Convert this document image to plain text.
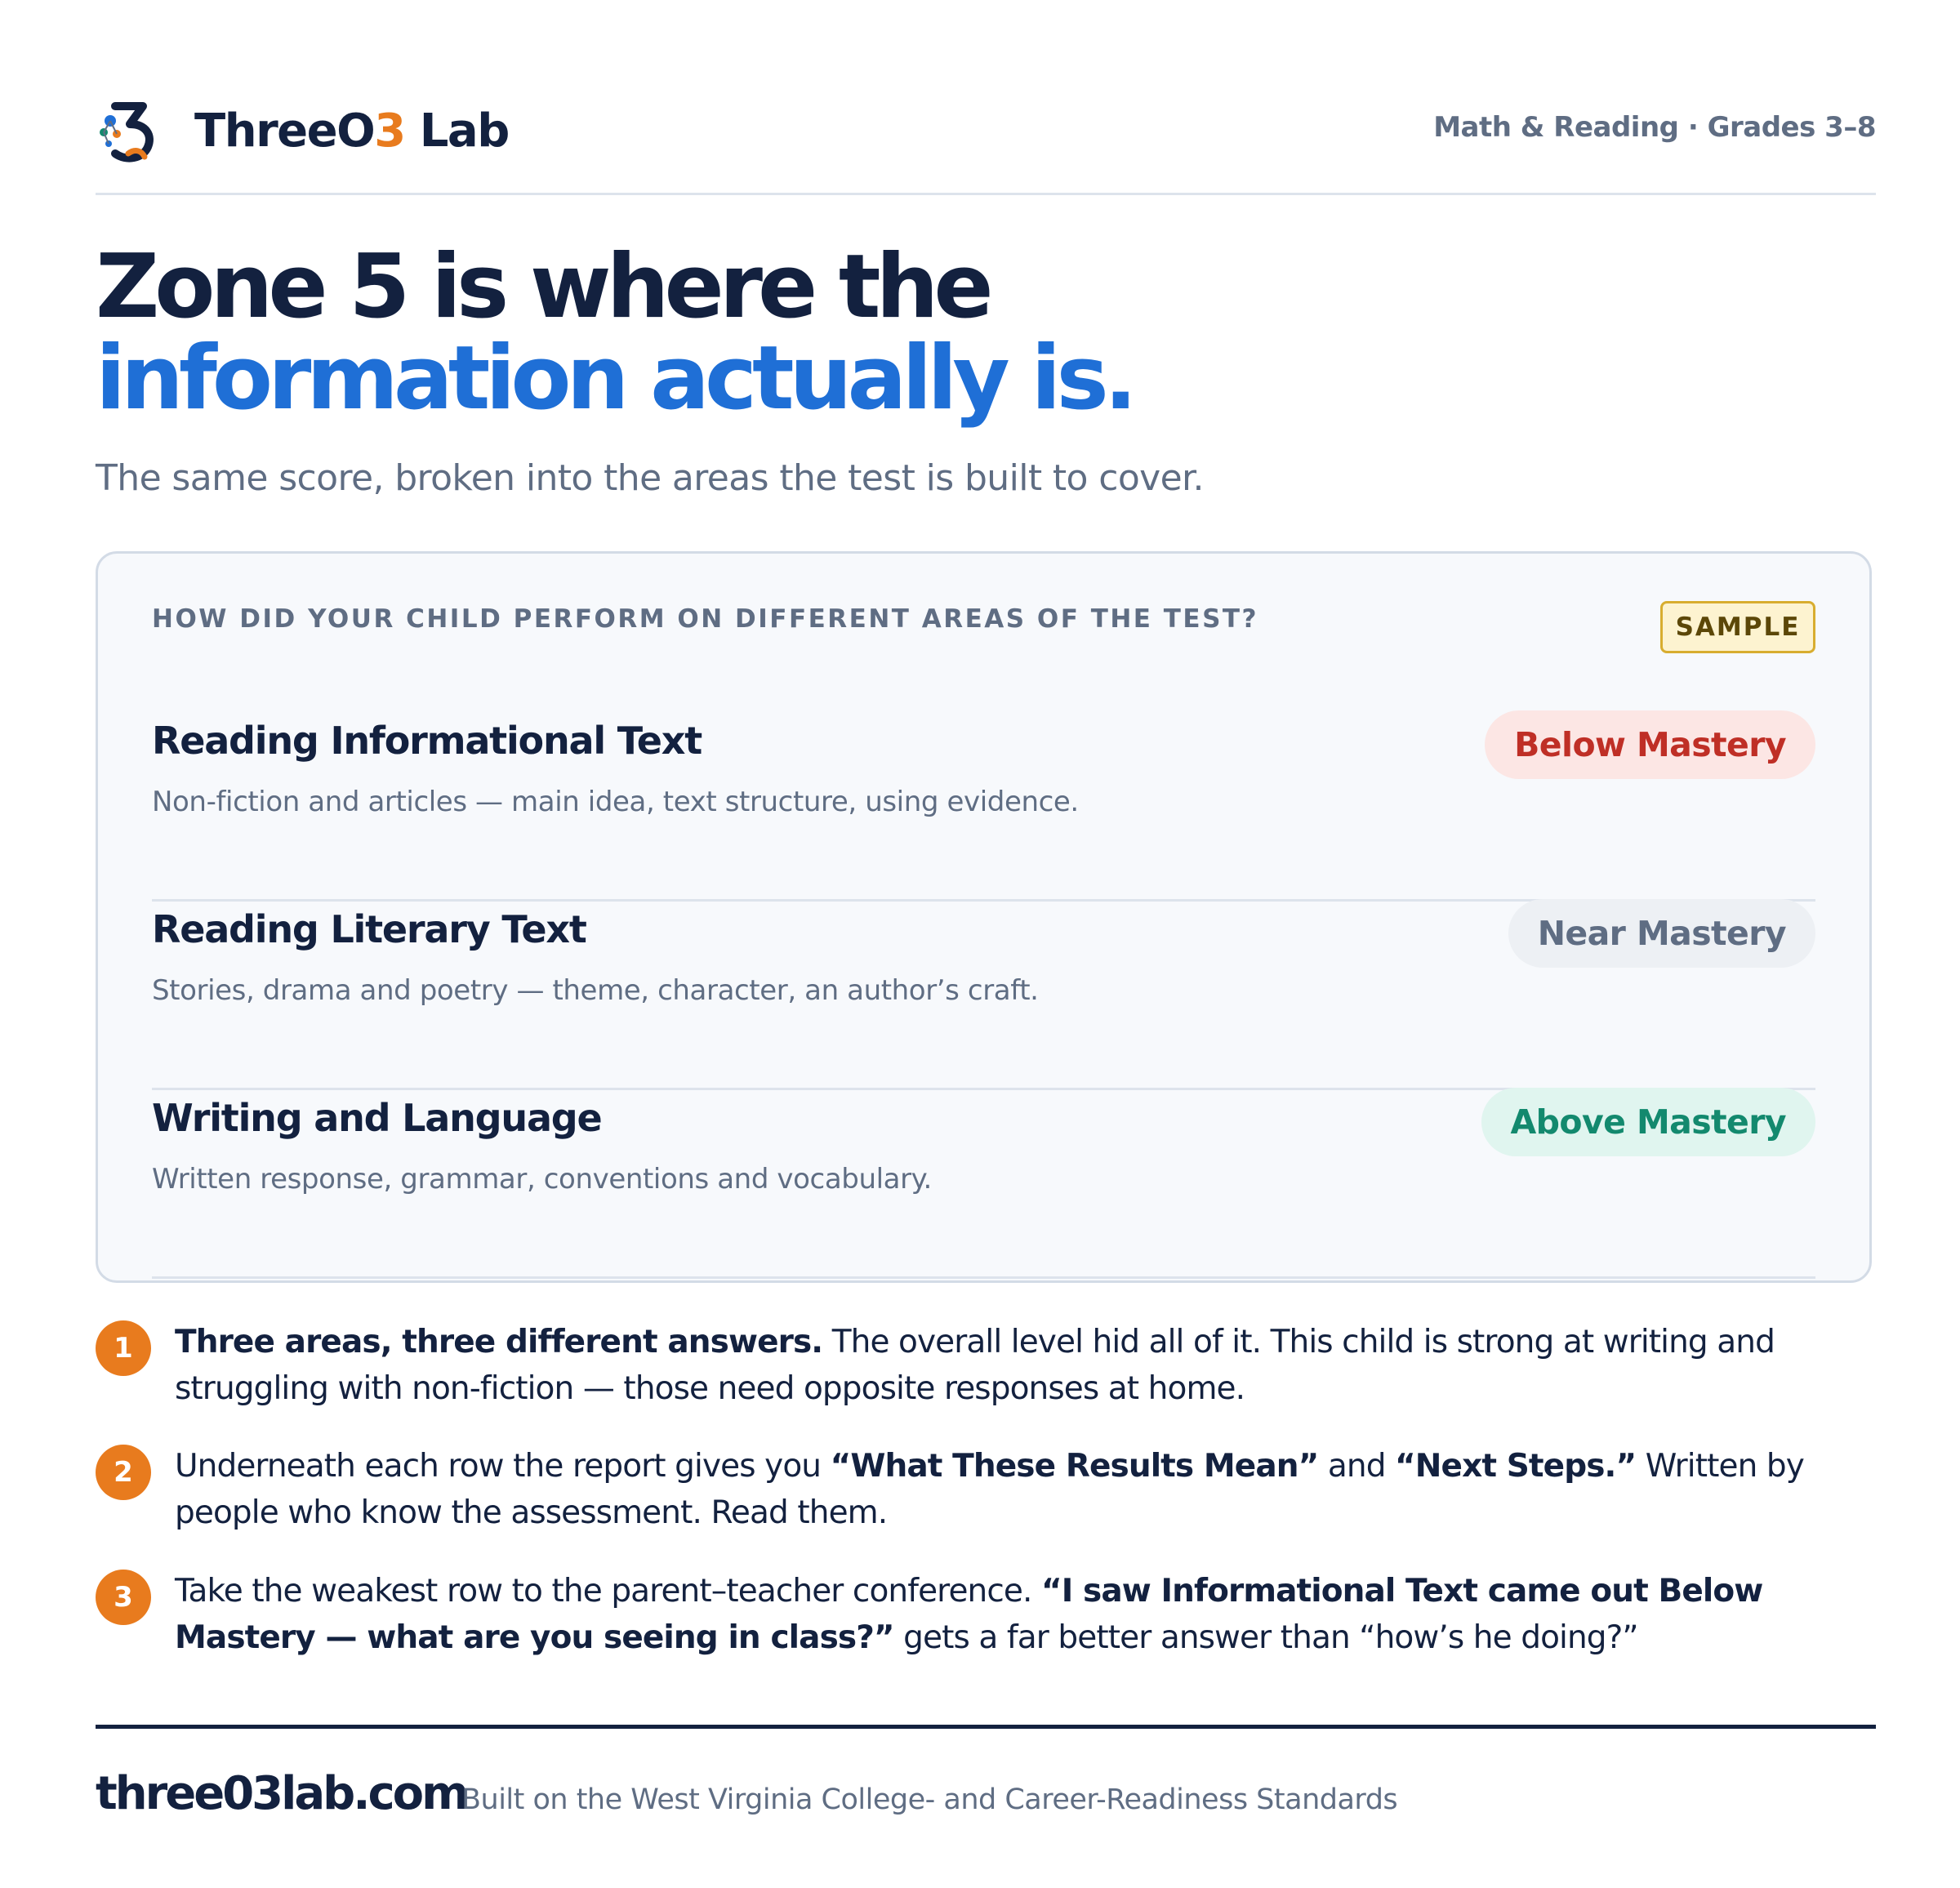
ThreeO3 Lab	Math & Reading · Grades 3–8
Zone 5 is where the
information actually is.
The same score, broken into the areas the test is built to cover.
HOW DID YOUR CHILD PERFORM ON DIFFERENT AREAS OF THE TEST?	SAMPLE
Reading Informational Text
Non-fiction and articles — main idea, text structure, using evidence.
Below Mastery
Reading Literary Text
Stories, drama and poetry — theme, character, an author’s craft.
Near Mastery
Writing and Language
Written response, grammar, conventions and vocabulary.
Above Mastery
1	Three areas, three different answers. The overall level hid all of it. This child is strong at writing and struggling with non-fiction — those need opposite responses at home.
2	Underneath each row the report gives you “What These Results Mean” and “Next Steps.” Written by people who know the assessment. Read them.
3	Take the weakest row to the parent–teacher conference. “I saw Informational Text came out Below Mastery — what are you seeing in class?” gets a far better answer than “how’s he doing?”
three03lab.com
Built on the West Virginia College- and Career-Readiness Standards
